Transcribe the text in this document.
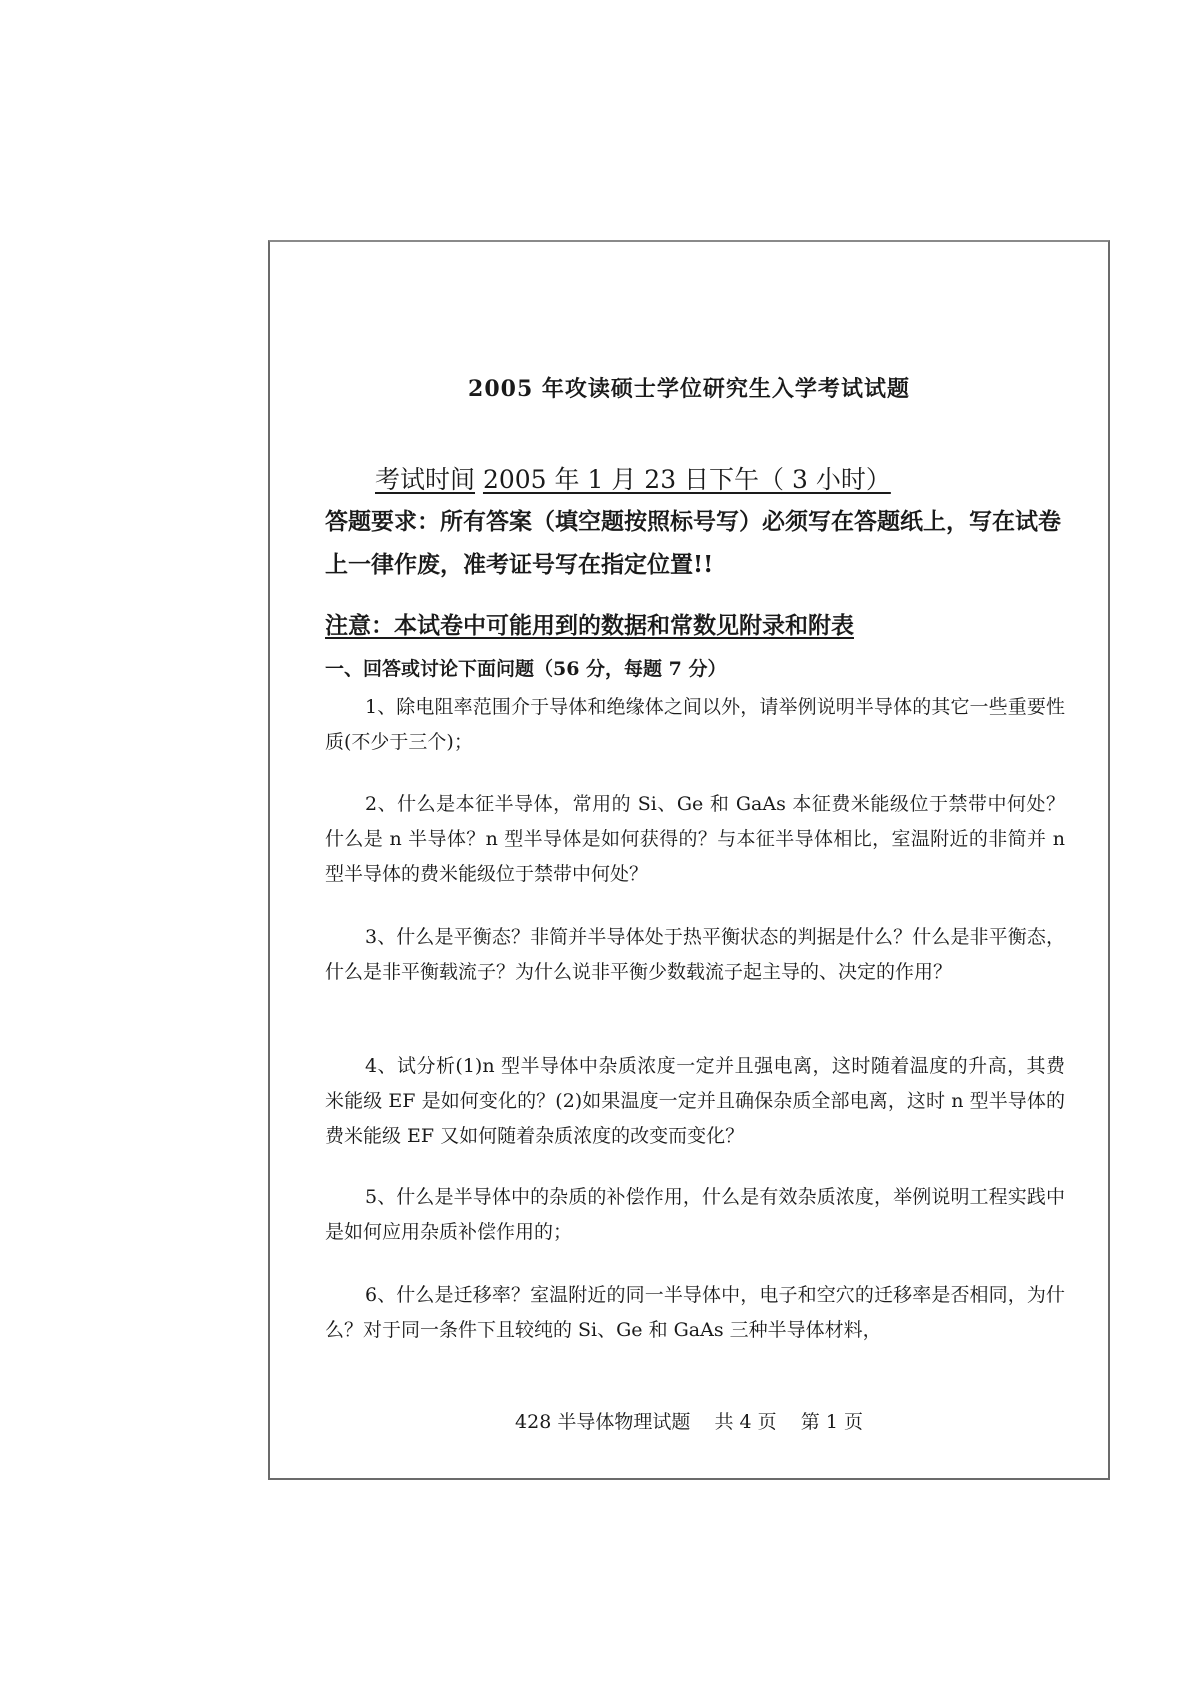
2005 年攻读硕士学位研究生入学考试试题
考试时间 2005 年 1 月 23 日下午（ 3 小时）
答题要求：所有答案（填空题按照标号写）必须写在答题纸上，写在试卷上一律作废，准考证号写在指定位置!!
注意：本试卷中可能用到的数据和常数见附录和附表
一、回答或讨论下面问题（56 分，每题 7 分）
1、除电阻率范围介于导体和绝缘体之间以外，请举例说明半导体的其它一些重要性质(不少于三个)；
2、什么是本征半导体，常用的 Si、Ge 和 GaAs 本征费米能级位于禁带中何处？什么是 n 半导体？n 型半导体是如何获得的？与本征半导体相比，室温附近的非简并 n 型半导体的费米能级位于禁带中何处？
3、什么是平衡态？非简并半导体处于热平衡状态的判据是什么？什么是非平衡态，什么是非平衡载流子？为什么说非平衡少数载流子起主导的、决定的作用？
4、试分析(1)n 型半导体中杂质浓度一定并且强电离，这时随着温度的升高，其费米能级 EF 是如何变化的？(2)如果温度一定并且确保杂质全部电离，这时 n 型半导体的费米能级 EF 又如何随着杂质浓度的改变而变化？
5、什么是半导体中的杂质的补偿作用，什么是有效杂质浓度，举例说明工程实践中是如何应用杂质补偿作用的；
6、什么是迁移率？室温附近的同一半导体中，电子和空穴的迁移率是否相同，为什么？对于同一条件下且较纯的 Si、Ge 和 GaAs 三种半导体材料，
428 半导体物理试题    共 4 页    第 1 页
